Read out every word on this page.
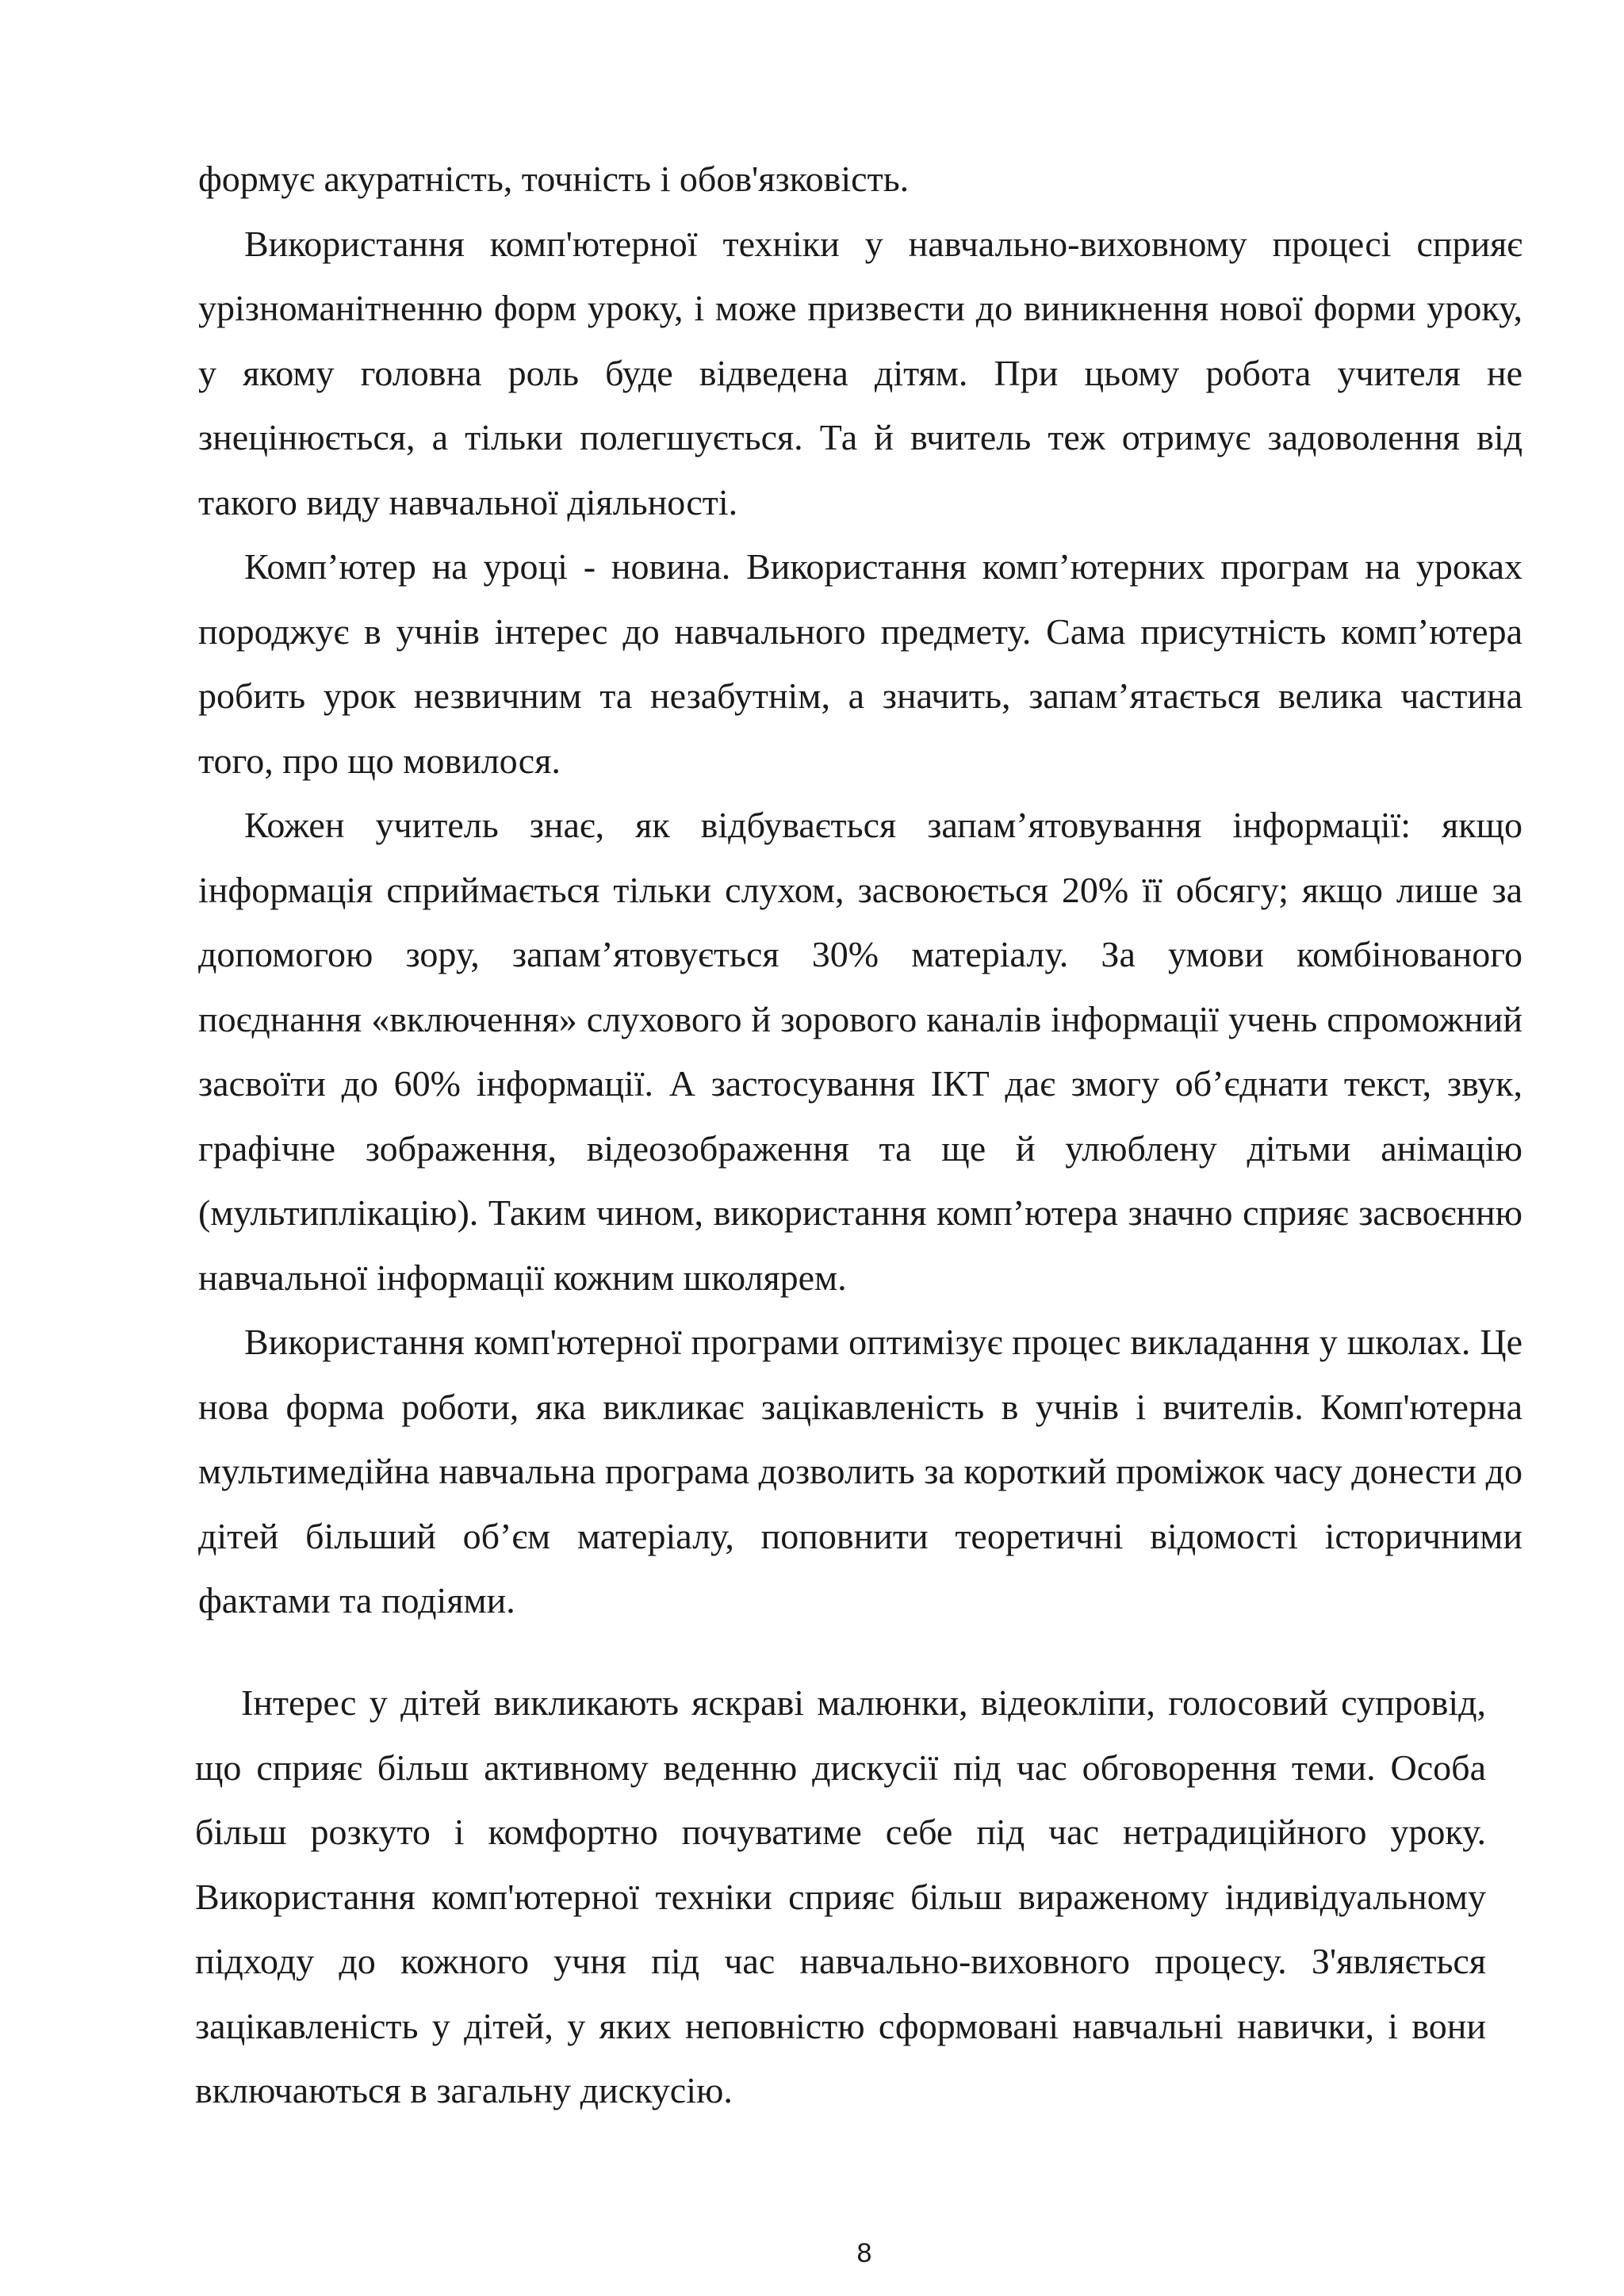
формує акуратність, точність і обов'язковість.

Використання комп'ютерної техніки у навчально-виховному процесі сприяє урізноманітненню форм уроку, і може призвести до виникнення нової форми уроку, у якому головна роль буде відведена дітям. При цьому робота учителя не знецінюється, а тільки полегшується. Та й вчитель теж отримує задоволення від такого виду навчальної діяльності.

Комп’ютер на уроці - новина. Використання комп’ютерних програм на уроках породжує в учнів інтерес до навчального предмету. Сама присутність комп’ютера робить урок незвичним та незабутнім, а значить, запам’ятається велика частина того, про що мовилося.

Кожен учитель знає, як відбувається запам’ятовування інформації: якщо інформація сприймається тільки слухом, засвоюється 20% її обсягу; якщо лише за допомогою зору, запам’ятовується 30% матеріалу. За умови комбінованого поєднання «включення» слухового й зорового каналів інформації учень спроможний засвоїти до 60% інформації. А застосування ІКТ дає змогу об’єднати текст, звук, графічне зображення, відеозображення та ще й улюблену дітьми анімацію (мультиплікацію). Таким чином, використання комп’ютера значно сприяє засвоєнню навчальної інформації кожним школярем.

Використання комп'ютерної програми оптимізує процес викладання у школах. Це нова форма роботи, яка викликає зацікавленість в учнів і вчителів. Комп'ютерна мультимедійна навчальна програма дозволить за короткий проміжок часу донести до дітей більший об’єм матеріалу, поповнити теоретичні відомості історичними фактами та подіями.

Інтерес у дітей викликають яскраві малюнки, відеокліпи, голосовий супровід, що сприяє більш активному веденню дискусії під час обговорення теми. Особа більш розкуто і комфортно почуватиме себе під час нетрадиційного уроку. Використання комп'ютерної техніки сприяє більш вираженому індивідуальному підходу до кожного учня під час навчально-виховного процесу. З'являється зацікавленість у дітей, у яких неповністю сформовані навчальні навички, і вони включаються в загальну дискусію.

8
